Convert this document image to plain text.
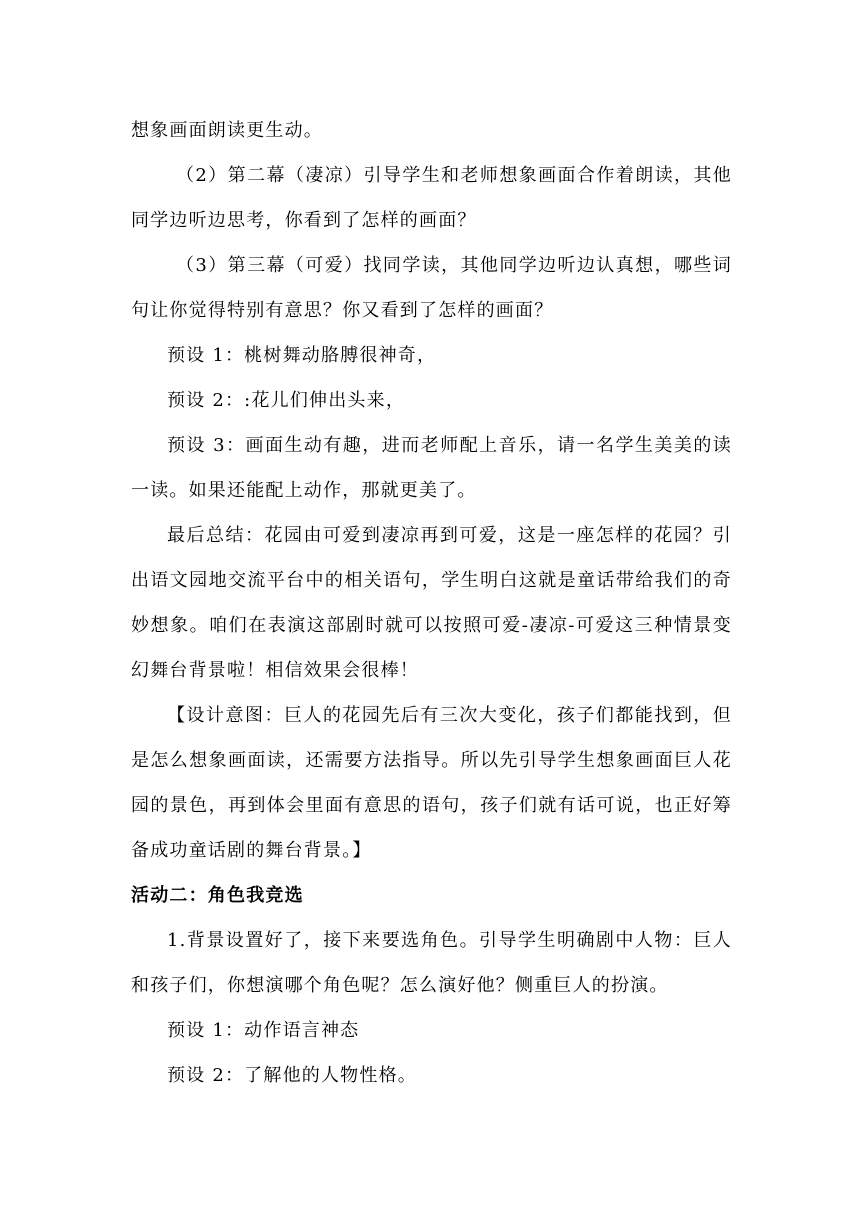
想象画面朗读更生动。

（2）第二幕（凄凉）引导学生和老师想象画面合作着朗读，其他同学边听边思考，你看到了怎样的画面？

（3）第三幕（可爱）找同学读，其他同学边听边认真想，哪些词句让你觉得特别有意思？你又看到了怎样的画面？

预设 1：桃树舞动胳膊很神奇，

预设 2：:花儿们伸出头来，

预设 3：画面生动有趣，进而老师配上音乐，请一名学生美美的读一读。如果还能配上动作，那就更美了。

最后总结：花园由可爱到凄凉再到可爱，这是一座怎样的花园？引出语文园地交流平台中的相关语句，学生明白这就是童话带给我们的奇妙想象。咱们在表演这部剧时就可以按照可爱-凄凉-可爱这三种情景变幻舞台背景啦！相信效果会很棒！

【设计意图：巨人的花园先后有三次大变化，孩子们都能找到，但是怎么想象画面读，还需要方法指导。所以先引导学生想象画面巨人花园的景色，再到体会里面有意思的语句，孩子们就有话可说，也正好筹备成功童话剧的舞台背景。】

活动二：角色我竞选

1.背景设置好了，接下来要选角色。引导学生明确剧中人物：巨人和孩子们，你想演哪个角色呢？怎么演好他？侧重巨人的扮演。

预设 1：动作语言神态

预设 2：了解他的人物性格。
